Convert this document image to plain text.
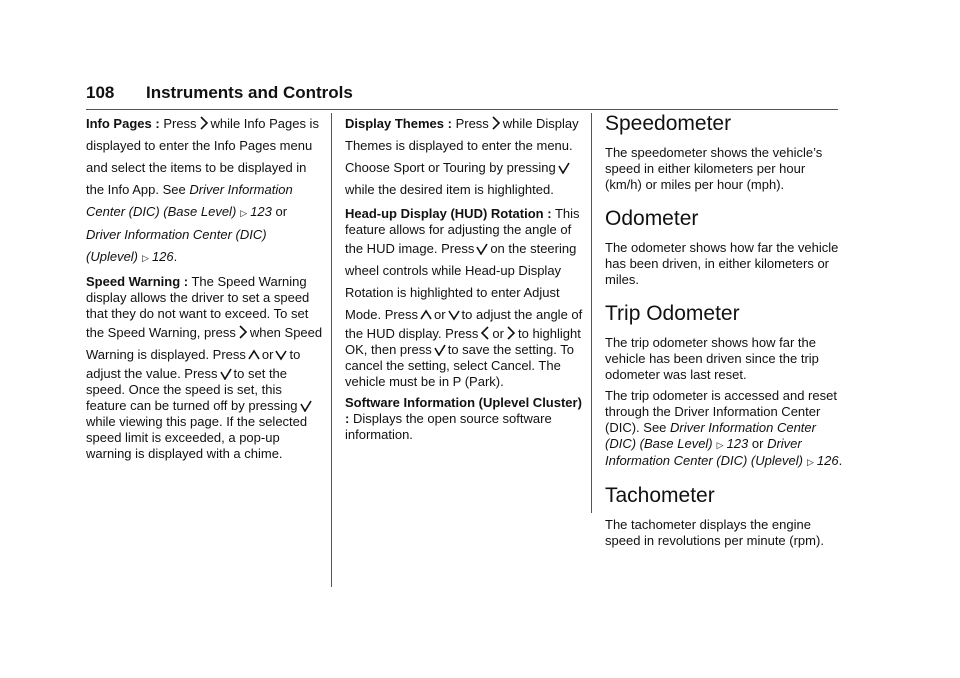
108 Instruments and Controls

Info Pages : Press while Info Pages is displayed to enter the Info Pages menu and select the items to be displayed in the Info App. See Driver Information Center (DIC) (Base Level) ▷ 123 or Driver Information Center (DIC) (Uplevel) ▷ 126.

Speed Warning : The Speed Warning display allows the driver to set a speed that they do not want to exceed. To set the Speed Warning, press when Speed Warning is displayed. Press or to adjust the value. Press to set the speed. Once the speed is set, this feature can be turned off by pressing
while viewing this page. If the selected speed limit is exceeded, a pop-up warning is displayed with a chime.

Display Themes : Press while Display Themes is displayed to enter the menu. Choose Sport or Touring by pressing
while the desired item is highlighted.

Head-up Display (HUD) Rotation : This feature allows for adjusting the angle of the HUD image. Press on the steering wheel controls while Head-up Display Rotation is highlighted to enter Adjust Mode. Press or to adjust the angle of the HUD display. Press or to highlight OK, then press to save the setting. To cancel the setting, select Cancel. The vehicle must be in P (Park).

Software Information (Uplevel Cluster) : Displays the open source software information.

Speedometer

The speedometer shows the vehicle’s speed in either kilometers per hour (km/h) or miles per hour (mph).

Odometer

The odometer shows how far the vehicle has been driven, in either kilometers or miles.

Trip Odometer

The trip odometer shows how far the vehicle has been driven since the trip odometer was last reset.

The trip odometer is accessed and reset through the Driver Information Center (DIC). See Driver Information Center (DIC) (Base Level) ▷ 123 or Driver Information Center (DIC) (Uplevel) ▷ 126.

Tachometer

The tachometer displays the engine speed in revolutions per minute (rpm).
